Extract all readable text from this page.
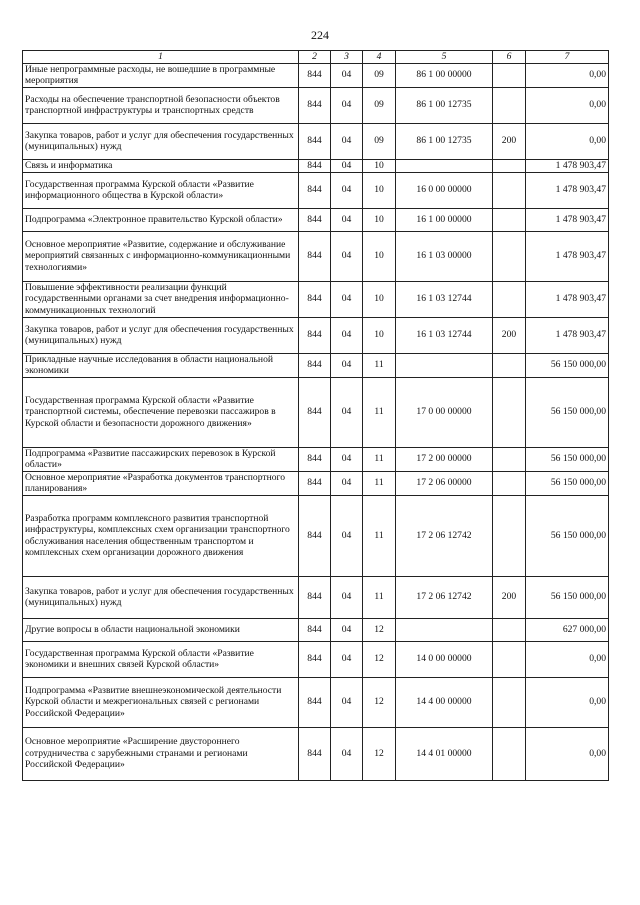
224
1	2	3	4	5	6	7
Иные непрограммные расходы, не вошедшие в программные мероприятия	844	04	09	86 1 00 00000		0,00
Расходы на обеспечение транспортной безопасности объектов транспортной инфраструктуры и транспортных средств	844	04	09	86 1 00 12735		0,00
Закупка товаров, работ и услуг для обеспечения государственных (муниципальных) нужд	844	04	09	86 1 00 12735	200	0,00
Связь и информатика	844	04	10			1 478 903,47
Государственная программа Курской области «Развитие информационного общества в Курской области»	844	04	10	16 0 00 00000		1 478 903,47
Подпрограмма «Электронное правительство Курской области»	844	04	10	16 1 00 00000		1 478 903,47
Основное мероприятие «Развитие, содержание и обслуживание мероприятий связанных с информационно-коммуникационными технологиями»	844	04	10	16 1 03 00000		1 478 903,47
Повышение эффективности реализации функций государственными органами за счет внедрения информационно-коммуникационных технологий	844	04	10	16 1 03 12744		1 478 903,47
Закупка товаров, работ и услуг для обеспечения государственных (муниципальных) нужд	844	04	10	16 1 03 12744	200	1 478 903,47
Прикладные научные исследования в области национальной экономики	844	04	11			56 150 000,00
Государственная программа Курской области «Развитие транспортной системы, обеспечение перевозки пассажиров в Курской области и безопасности дорожного движения»	844	04	11	17 0 00 00000		56 150 000,00
Подпрограмма «Развитие пассажирских перевозок в Курской области»	844	04	11	17 2 00 00000		56 150 000,00
Основное мероприятие «Разработка документов транспортного планирования»	844	04	11	17 2 06 00000		56 150 000,00
Разработка программ комплексного развития транспортной инфраструктуры, комплексных схем организации транспортного обслуживания населения общественным транспортом и комплексных схем организации дорожного движения	844	04	11	17 2 06 12742		56 150 000,00
Закупка товаров, работ и услуг для обеспечения государственных (муниципальных) нужд	844	04	11	17 2 06 12742	200	56 150 000,00
Другие вопросы в области национальной экономики	844	04	12			627 000,00
Государственная программа Курской области «Развитие экономики и внешних связей Курской области»	844	04	12	14 0 00 00000		0,00
Подпрограмма «Развитие внешнеэкономической деятельности Курской области и межрегиональных связей с регионами Российской Федерации»	844	04	12	14 4 00 00000		0,00
Основное мероприятие «Расширение двустороннего сотрудничества с зарубежными странами и регионами Российской Федерации»	844	04	12	14 4 01 00000		0,00
